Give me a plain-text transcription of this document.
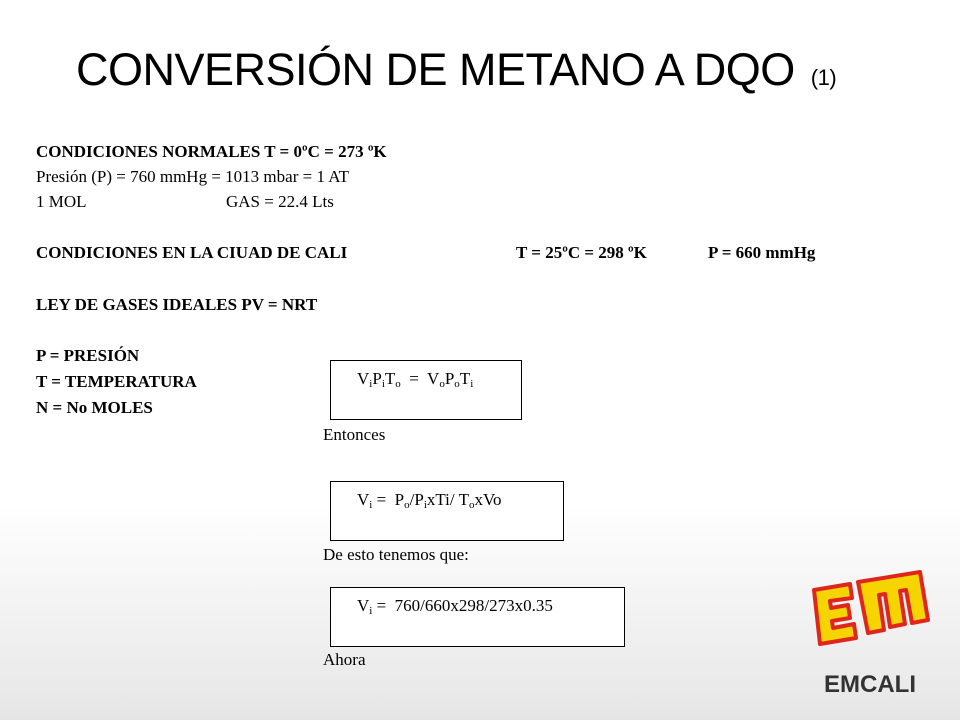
CONVERSIÓN DE METANO A DQO (1)
CONDICIONES NORMALES T = 0ºC = 273 ºK
Presión (P) = 760 mmHg = 1013 mbar = 1 AT
1 MOL	GAS = 22.4 Lts
CONDICIONES EN LA CIUAD DE CALI	T = 25ºC = 298 ºK	P = 660 mmHg
LEY DE GASES IDEALES PV = NRT
P = PRESIÓN
T = TEMPERATURA
N = No MOLES
$V_iP_iT_o = V_oP_oT_i$
Entonces
$V_i = P_o/P_ixTi/$ $T_oxVo$
De esto tenemos que:
$V_i = 760/660x298/273x0.35$
Ahora
EMCALI
